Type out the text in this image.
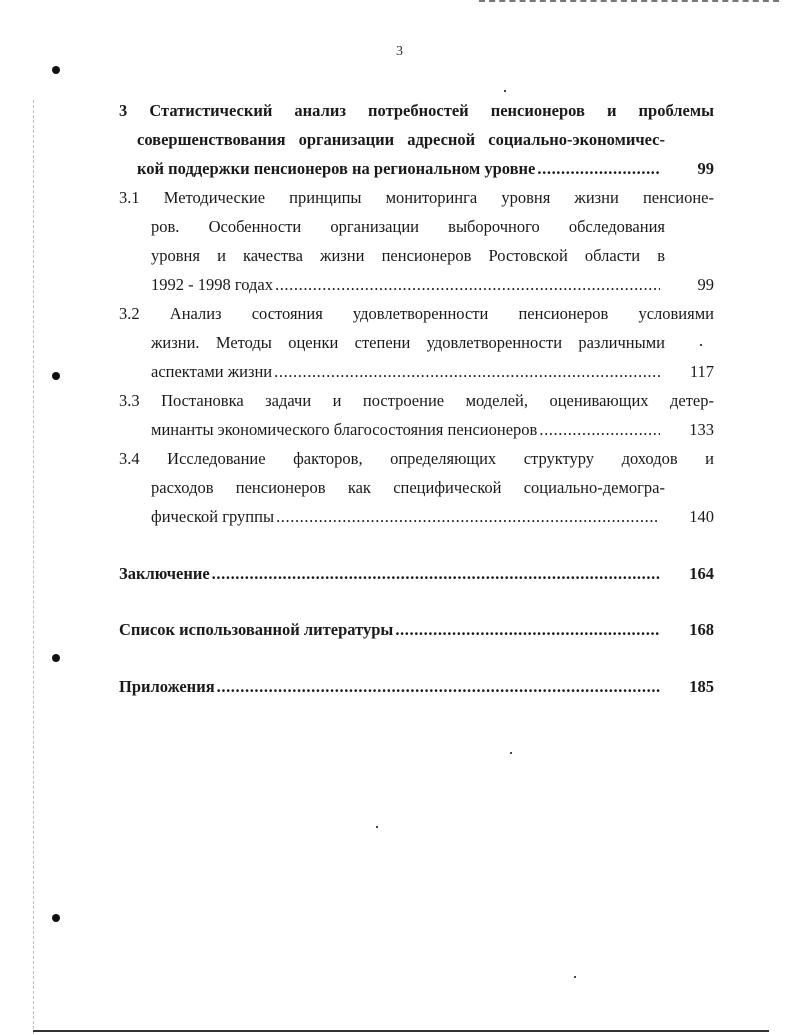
3
3 Статистический анализ потребностей пенсионеров и проблемы
совершенствования организации адресной социально-экономичес-
кой поддержки пенсионеров на региональном уровне .....	99
3.1 Методические принципы мониторинга уровня жизни пенсионе-
ров. Особенности организации выборочного обследования
уровня и качества жизни пенсионеров Ростовской области в
1992 - 1998 годах .....	99
3.2 Анализ состояния удовлетворенности пенсионеров условиями
жизни. Методы оценки степени удовлетворенности различными
аспектами жизни .....	117
3.3 Постановка задачи и построение моделей, оценивающих детер-
минанты экономического благосостояния пенсионеров .....	133
3.4 Исследование факторов, определяющих структуру доходов и
расходов пенсионеров как специфической социально-демогра-
фической группы .....	140
Заключение .....	164
Список использованной литературы .....	168
Приложения .....	185
